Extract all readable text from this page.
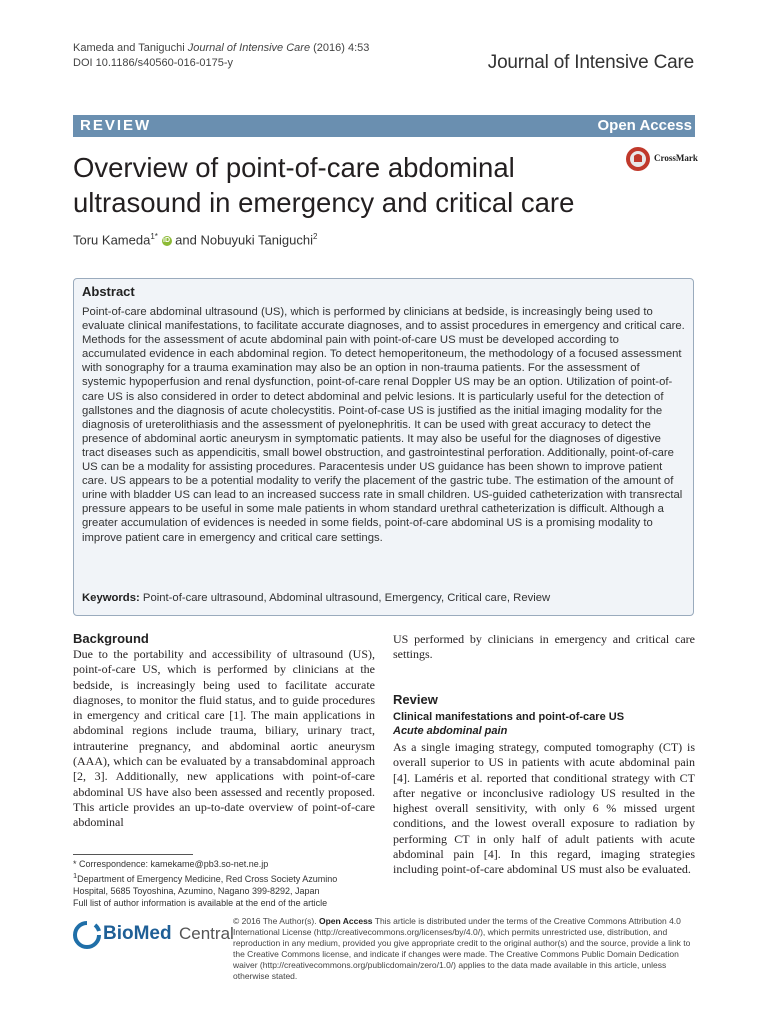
Kameda and Taniguchi Journal of Intensive Care (2016) 4:53
DOI 10.1186/s40560-016-0175-y	Journal of Intensive Care
REVIEW	Open Access
Overview of point-of-care abdominal ultrasound in emergency and critical care
CrossMark
Toru Kameda$^{1*}$ iD and Nobuyuki Taniguchi$^2$
Abstract
Point-of-care abdominal ultrasound (US), which is performed by clinicians at bedside, is increasingly being used to evaluate clinical manifestations, to facilitate accurate diagnoses, and to assist procedures in emergency and critical care. Methods for the assessment of acute abdominal pain with point-of-care US must be developed according to accumulated evidence in each abdominal region. To detect hemoperitoneum, the methodology of a focused assessment with sonography for a trauma examination may also be an option in non-trauma patients. For the assessment of systemic hypoperfusion and renal dysfunction, point-of-care renal Doppler US may be an option. Utilization of point-of-care US is also considered in order to detect abdominal and pelvic lesions. It is particularly useful for the detection of gallstones and the diagnosis of acute cholecystitis. Point-of-case US is justified as the initial imaging modality for the diagnosis of ureterolithiasis and the assessment of pyelonephritis. It can be used with great accuracy to detect the presence of abdominal aortic aneurysm in symptomatic patients. It may also be useful for the diagnoses of digestive tract diseases such as appendicitis, small bowel obstruction, and gastrointestinal perforation. Additionally, point-of-care US can be a modality for assisting procedures. Paracentesis under US guidance has been shown to improve patient care. US appears to be a potential modality to verify the placement of the gastric tube. The estimation of the amount of urine with bladder US can lead to an increased success rate in small children. US-guided catheterization with transrectal pressure appears to be useful in some male patients in whom standard urethral catheterization is difficult. Although a greater accumulation of evidences is needed in some fields, point-of-care abdominal US is a promising modality to improve patient care in emergency and critical care settings.
Keywords: Point-of-care ultrasound, Abdominal ultrasound, Emergency, Critical care, Review
Background
Due to the portability and accessibility of ultrasound (US), point-of-care US, which is performed by clinicians at the bedside, is increasingly being used to facilitate accurate diagnoses, to monitor the fluid status, and to guide procedures in emergency and critical care [1]. The main applications in abdominal regions include trauma, biliary, urinary tract, intrauterine pregnancy, and abdominal aortic aneurysm (AAA), which can be evaluated by a transabdominal approach [2, 3]. Additionally, new applications with point-of-care abdominal US have also been assessed and recently proposed. This article provides an up-to-date overview of point-of-care abdominal
US performed by clinicians in emergency and critical care settings.
Review
Clinical manifestations and point-of-care US
Acute abdominal pain
As a single imaging strategy, computed tomography (CT) is overall superior to US in patients with acute abdominal pain [4]. Laméris et al. reported that conditional strategy with CT after negative or inconclusive radiology US resulted in the highest overall sensitivity, with only 6 % missed urgent conditions, and the lowest overall exposure to radiation by performing CT in only half of adult patients with acute abdominal pain [4]. In this regard, imaging strategies including point-of-care abdominal US must also be evaluated.
* Correspondence: kamekame@pb3.so-net.ne.jp
$^1$Department of Emergency Medicine, Red Cross Society Azumino Hospital, 5685 Toyoshina, Azumino, Nagano 399-8292, Japan
Full list of author information is available at the end of the article
BioMed Central
© 2016 The Author(s). Open Access This article is distributed under the terms of the Creative Commons Attribution 4.0 International License (http://creativecommons.org/licenses/by/4.0/), which permits unrestricted use, distribution, and reproduction in any medium, provided you give appropriate credit to the original author(s) and the source, provide a link to the Creative Commons license, and indicate if changes were made. The Creative Commons Public Domain Dedication waiver (http://creativecommons.org/publicdomain/zero/1.0/) applies to the data made available in this article, unless otherwise stated.
